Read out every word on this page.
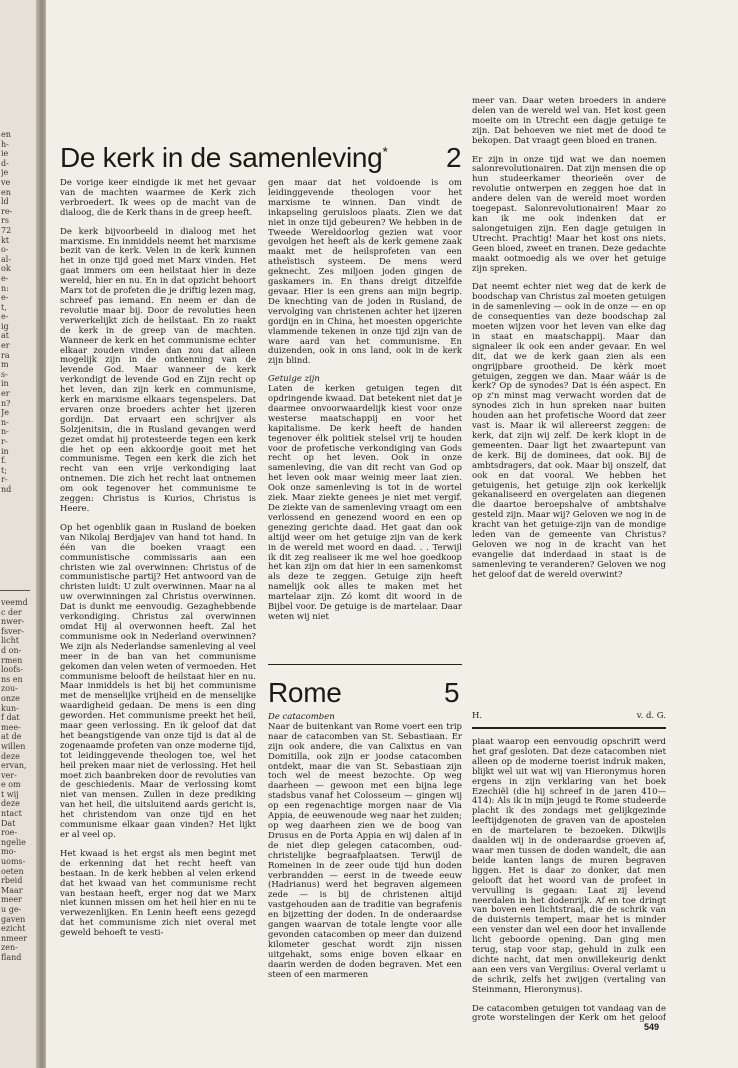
en
h-
ie
d-
je
ve
en
ld
re-
rs
72
kt
o-
al-
ok
e-
n:
e-
t,
e-
ig
at
er
ra
m
s-
in
er
n?
Je
n-
n-
r-
in
f.
t;
r-
nd
veemd
c der
nwer-
fsver-
licht
d on-
rmen
loofs-
ns en
zou-
onze
kun-
f dat
mee-
at de
willen
deze
ervan,
ver-
e om
t wij
deze
ntact
Dat
roe-
ngelie
mo-
uoms-
oeten
rbeid
Maar
meer
u ge-
gaven
ezicht
nmeer
zen-
fland
De kerk in de samenleving* 2

De vorige keer eindigde ik met het gevaar van de machten waarmee de Kerk zich verbroedert. Ik wees op de macht van de dialoog, die de Kerk thans in de greep heeft.

De kerk bijvoorbeeld in dialoog met het marxisme. En inmiddels neemt het marxisme bezit van de kerk. Velen in de kerk kunnen het in onze tijd goed met Marx vinden. Het gaat immers om een heilstaat hier in deze wereld, hier en nu. En in dat opzicht behoort Marx tot de profeten die je driftig lezen mag, schreef pas iemand. En neem er dan de revolutie maar bij. Door de revoluties heen verwerkelijkt zich de heilstaat. En zo raakt de kerk in de greep van de machten. Wanneer de kerk en het communisme echter elkaar zouden vinden dan zou dat alleen mogelijk zijn in de ontkenning van de levende God. Maar wanneer de kerk verkondigt de levende God en Zijn recht op het leven, dan zijn kerk en communisme, kerk en marxisme elkaars tegenspelers. Dat ervaren onze broeders achter het ijzeren gordijn. Dat ervaart een schrijver als Solzjenitsin, die in Rusland gevangen werd gezet omdat hij protesteerde tegen een kerk die het op een akkoordje gooit met het communisme. Tegen een kerk die zich het recht van een vrije verkondiging laat ontnemen. Die zich het recht laat ontnemen om ook tegenover het communisme te zeggen: Christus is Kurios, Christus is Heere.

Op het ogenblik gaan in Rusland de boeken van Nikolaj Berdjajev van hand tot hand. In één van die boeken vraagt een communistische commissaris aan een christen wie zal overwinnen: Christus of de communistische partij? Het antwoord van de christen luidt: U zult overwinnen. Maar na al uw overwinningen zal Christus overwinnen. Dat is dunkt me eenvoudig. Gezaghebbende verkondiging. Christus zal overwinnen omdat Hij al overwonnen heeft. Zal het communisme ook in Nederland overwinnen? We zijn als Nederlandse samenleving al veel meer in de ban van het communisme gekomen dan velen weten of vermoeden. Het communisme belooft de heilstaat hier en nu. Maar inmiddels is het bij het communisme met de menselijke vrijheid en de menselijke waardigheid gedaan. De mens is een ding geworden. Het communisme preekt het heil, maar geen verlossing. En ik geloof dat dat het beangstigende van onze tijd is dat al de zogenaamde profeten van onze moderne tijd, tot leidinggevende theologen toe, wel het heil preken maar niet de verlossing. Het heil moet zich baanbreken door de revoluties van de geschiedenis. Maar de verlossing komt niet van mensen. Zullen in deze prediking van het heil, die uitsluitend aards gericht is, het christendom van onze tijd en het communisme elkaar gaan vinden? Het lijkt er al veel op.

Het kwaad is het ergst als men begint met de erkenning dat het recht heeft van bestaan. In de kerk hebben al velen erkend dat het kwaad van het communisme recht van bestaan heeft, erger nog dat we Marx niet kunnen missen om het heil hier en nu te verwezenlijken. En Lenin heeft eens gezegd dat het communisme zich niet overal met geweld behoeft te vesti-

gen maar dat het voldoende is om leidinggevende theologen voor het marxisme te winnen. Dan vindt de inkapseling geruisloos plaats. Zien we dat niet in onze tijd gebeuren? We hebben in de Tweede Wereldoorlog gezien wat voor gevolgen het heeft als de kerk gemene zaak maakt met de heilsprofeten van een atheïstisch systeem. De mens werd geknecht. Zes miljoen joden gingen de gaskamers in. En thans dreigt ditzelfde gevaar. Hier is een grens aan mijn begrip. De knechting van de joden in Rusland, de vervolging van christenen achter het ijzeren gordijn en in China, het moesten opgerichte vlammende tekenen in onze tijd zijn van de ware aard van het communisme. En duizenden, ook in ons land, ook in de kerk zijn blind.

Getuige zijn

Laten de kerken getuigen tegen dit opdringende kwaad. Dat betekent niet dat je daarmee onvoorwaardelijk kiest voor onze westerse maatschappij en voor het kapitalisme. De kerk heeft de handen tegenover élk politiek stelsel vrij te houden voor de profetische verkondiging van Gods recht op het leven. Ook in onze samenleving, die van dit recht van God op het leven ook maar weinig meer laat zien. Ook onze samenleving is tot in de wortel ziek. Maar ziekte genees je niet met vergif. De ziekte van de samenleving vraagt om een verlossend en genezend woord en een op genezing gerichte daad. Het gaat dan ook altijd weer om het getuige zijn van de kerk in de wereld met woord en daad. . . Terwijl ik dit zeg realiseer ik me wel hoe goedkoop het kan zijn om dat hier in een samenkomst als deze te zeggen. Getuige zijn heeft namelijk ook alles te maken met het martelaar zijn. Zó komt dit woord in de Bijbel voor. De getuige is de martelaar. Daar weten wij niet

meer van. Daar weten broeders in andere delen van de wereld wel van. Het kost geen moeite om in Utrecht een dagje getuige te zijn. Dat behoeven we niet met de dood te bekopen. Dat vraagt geen bloed en tranen.

Er zijn in onze tijd wat we dan noemen salonrevolutionairen. Dat zijn mensen die op hun studeerkamer theorieën over de revolutie ontwerpen en zeggen hoe dat in andere delen van de wereld moet worden toegepast. Salonrevolutionairen! Maar zo kan ik me ook indenken dat er salongetuigen zijn. Een dagje getuigen in Utrecht. Prachtig! Maar het kost ons niets. Geen bloed, zweet en tranen. Deze gedachte maakt ootmoedig als we over het getuige zijn spreken.

Dat neemt echter niet weg dat de kerk de boodschap van Christus zal moeten getuigen in de samenleving — ook in de onze — en op de consequenties van deze boodschap zal moeten wijzen voor het leven van elke dag in staat en maatschappij. Maar dan signaleer ik ook een ander gevaar. En wel dit, dat we de kerk gaan zien als een ongrijpbare grootheid. De kèrk moet getuigen, zeggen we dan. Maar wáár is de kerk? Op de synodes? Dat is één aspect. En op z'n minst mag verwacht worden dat de synodes zich in hun spreken naar buiten houden aan het profetische Woord dat zeer vast is. Maar ik wil allereerst zeggen: de kerk, dat zijn wij zelf. De kerk klopt in de gemeenten. Daar ligt het zwaartepunt van de kerk. Bij de dominees, dat ook. Bij de ambtsdragers, dat ook. Maar bij onszelf, dat ook en dat vooral. We hebben het getuigenis, het getuige zijn ook kerkelijk gekanaliseerd en overgelaten aan diegenen die daartoe beroepshalve of ambtshalve gesteld zijn. Maar wij? Geloven we nog in de kracht van het getuige-zijn van de mondige leden van de gemeente van Christus? Geloven we nog in de kracht van het evangelie dat inderdaad in staat is de samenleving te veranderen? Geloven we nog het geloof dat de wereld overwint?

H.	v. d. G.
Rome	5

De catacomben

Naar de buitenkant van Rome voert een trip naar de catacomben van St. Sebastiaan. Er zijn ook andere, die van Calixtus en van Domitilla, ook zijn er joodse catacomben ontdekt, maar die van St. Sebastiaan zijn toch wel de meest bezochte. Op weg daarheen — gewoon met een bijna lege stadsbus vanaf het Colosseum — gingen wij op een regenachtige morgen naar de Via Appia, de eeuwenoude weg naar het zuiden; op weg daarheen zien we de boog van Drusus en de Porta Appia en wij dalen af in de niet diep gelegen catacomben, oud-christelijke begraafplaatsen. Terwijl de Romeinen in de zeer oude tijd hun doden verbrandden — eerst in de tweede eeuw (Hadrianus) werd het begraven algemeen zede — is bij de christenen altijd vastgehouden aan de traditie van begrafenis en bijzetting der doden. In de onderaardse gangen waarvan de totale lengte voor alle gevonden catacomben op meer dan duizend kilometer geschat wordt zijn nissen uitgehakt, soms enige boven elkaar en daarin werden de doden begraven. Met een steen of een marmeren

plaat waarop een eenvoudig opschrift werd het graf gesloten. Dat deze catacomben niet alleen op de moderne toerist indruk maken, blijkt wel uit wat wij van Hieronymus horen ergens in zijn verklaring van het boek Ezechiël (die hij schreef in de jaren 410—414): Als ik in mijn jeugd te Rome studeerde placht ik des zondags met gelijkgezinde leeftijdgenoten de graven van de apostelen en de martelaren te bezoeken. Dikwijls daalden wij in de onderaardse groeven af, waar men tussen de doden wandelt, die aan beide kanten langs de muren begraven liggen. Het is daar zo donker, dat men gelooft dat het woord van de profeet in vervulling is gegaan: Laat zij levend neerdalen in het dodenrijk. Af en toe dringt van boven een lichtstraal, die de schrik van de duisternis tempert, maar het is minder een venster dan wel een door het invallende licht geboorde opening. Dan ging men terug, stap voor stap, gehuld in zulk een dichte nacht, dat men onwillekeurig denkt aan een vers van Vergilius: Overal verlamt u de schrik, zelfs het zwijgen (vertaling van Steinmann, Hieronymus).

De catacomben getuigen tot vandaag van de grote worstelingen der Kerk om het geloof

549
